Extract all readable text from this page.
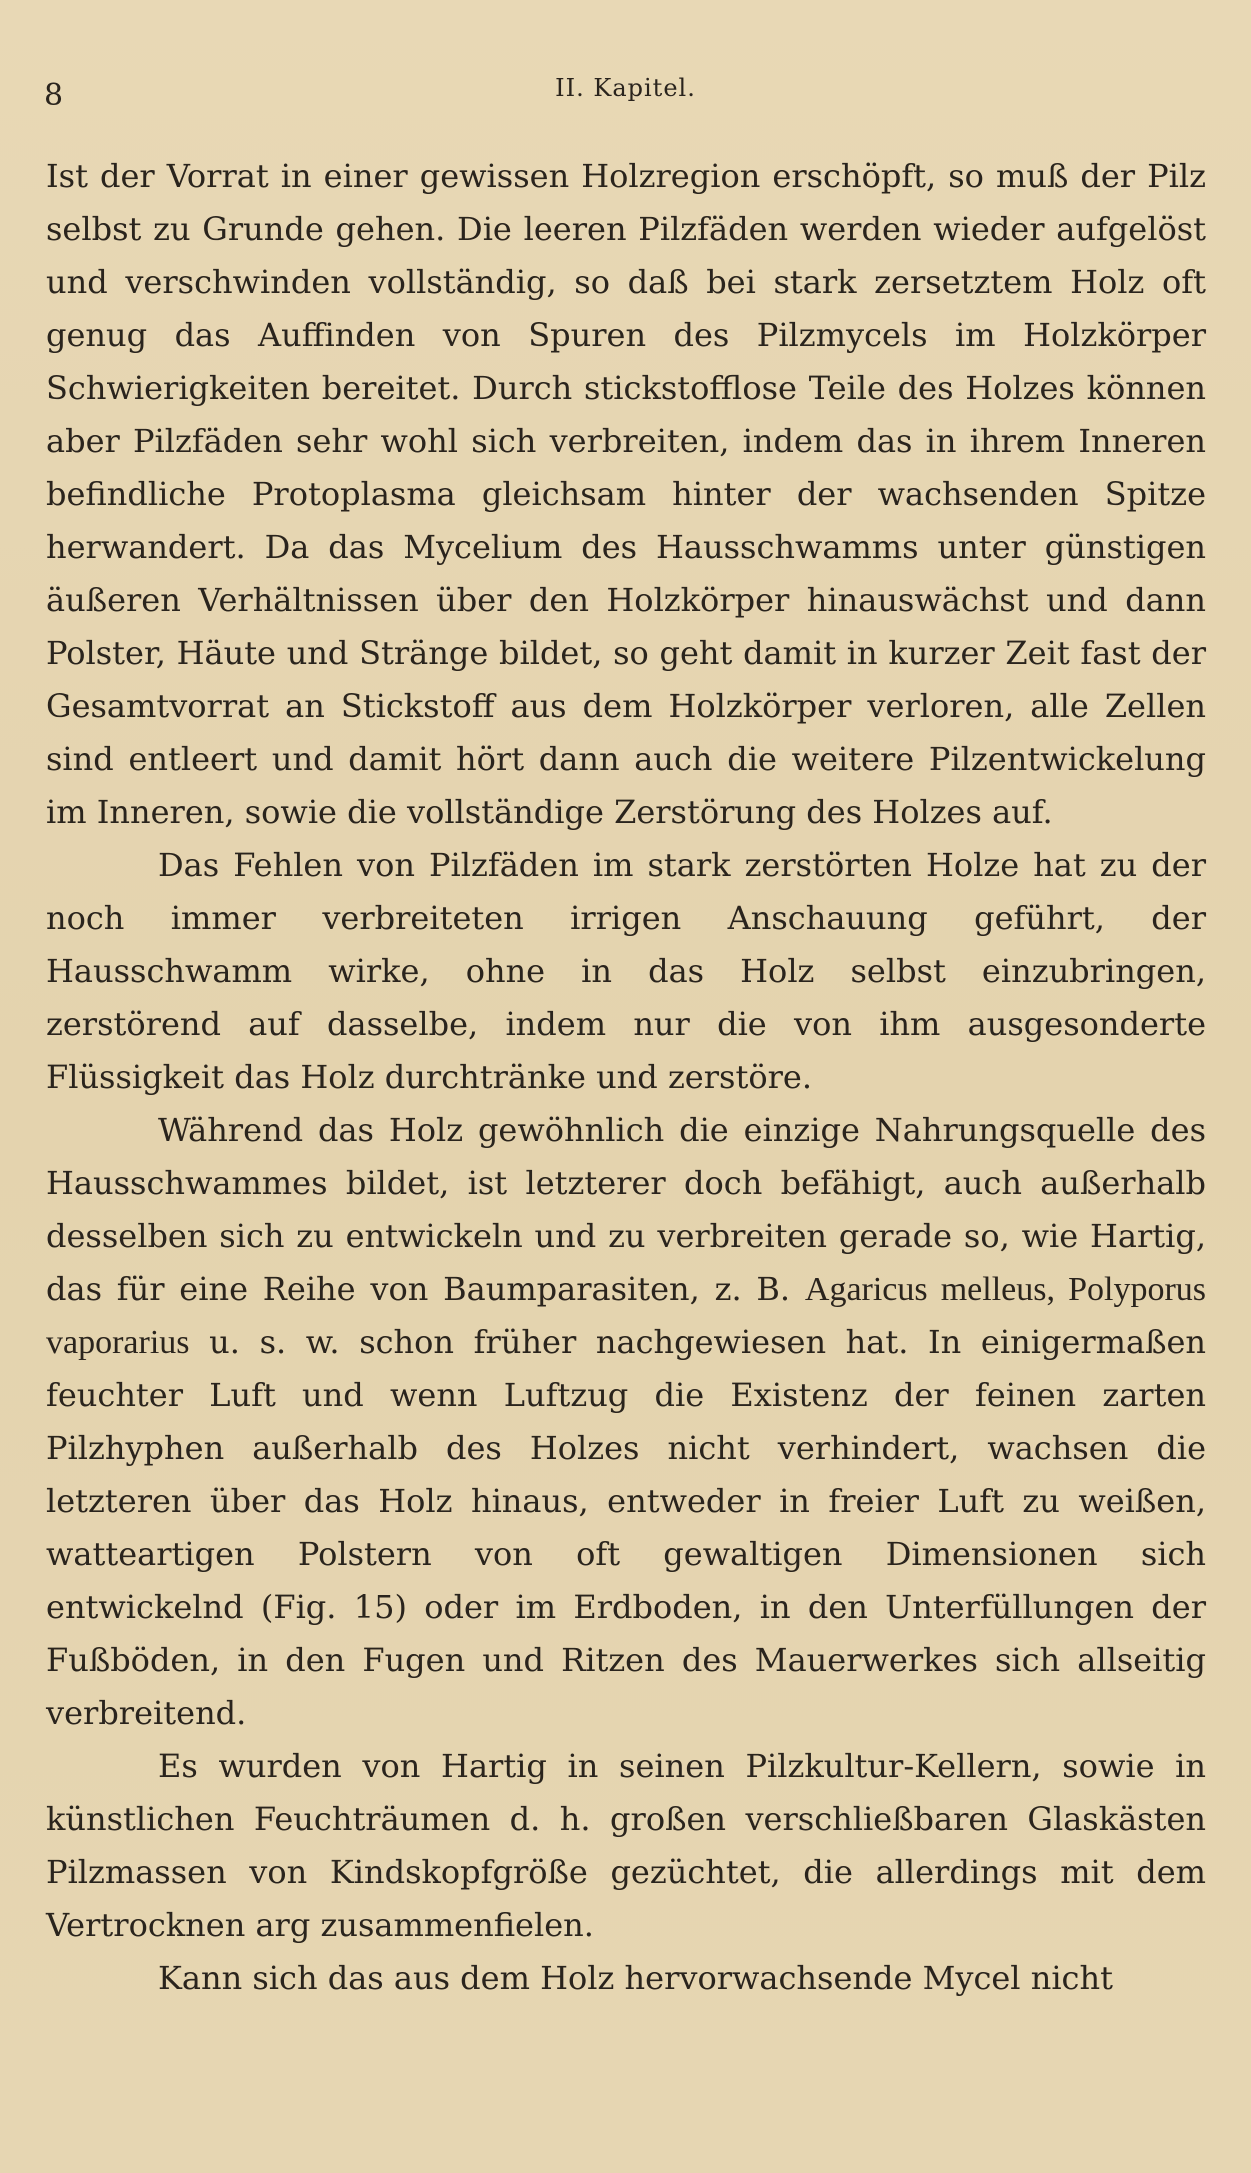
8	II. Kapitel.

Ist der Vorrat in einer gewissen Holzregion erschöpft, so muß der Pilz selbst zu Grunde gehen. Die leeren Pilzfäden werden wieder aufgelöst und verschwinden vollständig, so daß bei stark zersetztem Holz oft genug das Auffinden von Spuren des Pilzmycels im Holzkörper Schwierigkeiten bereitet. Durch stickstofflose Teile des Holzes können aber Pilzfäden sehr wohl sich verbreiten, indem das in ihrem Inneren befindliche Protoplasma gleichsam hinter der wachsenden Spitze herwandert. Da das Mycelium des Hausschwamms unter günstigen äußeren Verhältnissen über den Holzkörper hinauswächst und dann Polster, Häute und Stränge bildet, so geht damit in kurzer Zeit fast der Gesamtvorrat an Stickstoff aus dem Holzkörper verloren, alle Zellen sind entleert und damit hört dann auch die weitere Pilzentwickelung im Inneren, sowie die vollständige Zerstörung des Holzes auf.

Das Fehlen von Pilzfäden im stark zerstörten Holze hat zu der noch immer verbreiteten irrigen Anschauung geführt, der Hausschwamm wirke, ohne in das Holz selbst einzubringen, zerstörend auf dasselbe, indem nur die von ihm ausgesonderte Flüssigkeit das Holz durchtränke und zerstöre.

Während das Holz gewöhnlich die einzige Nahrungsquelle des Hausschwammes bildet, ist letzterer doch befähigt, auch außerhalb desselben sich zu entwickeln und zu verbreiten gerade so, wie Hartig, das für eine Reihe von Baumparasiten, z. B. Agaricus melleus, Polyporus vaporarius u. s. w. schon früher nachgewiesen hat. In einigermaßen feuchter Luft und wenn Luftzug die Existenz der feinen zarten Pilzhyphen außerhalb des Holzes nicht verhindert, wachsen die letzteren über das Holz hinaus, entweder in freier Luft zu weißen, watteartigen Polstern von oft gewaltigen Dimensionen sich entwickelnd (Fig. 15) oder im Erdboden, in den Unterfüllungen der Fußböden, in den Fugen und Ritzen des Mauerwerkes sich allseitig verbreitend.

Es wurden von Hartig in seinen Pilzkultur-Kellern, sowie in künstlichen Feuchträumen d. h. großen verschließbaren Glaskästen Pilzmassen von Kindskopfgröße gezüchtet, die allerdings mit dem Vertrocknen arg zusammenfielen.

Kann sich das aus dem Holz hervorwachsende Mycel nicht
